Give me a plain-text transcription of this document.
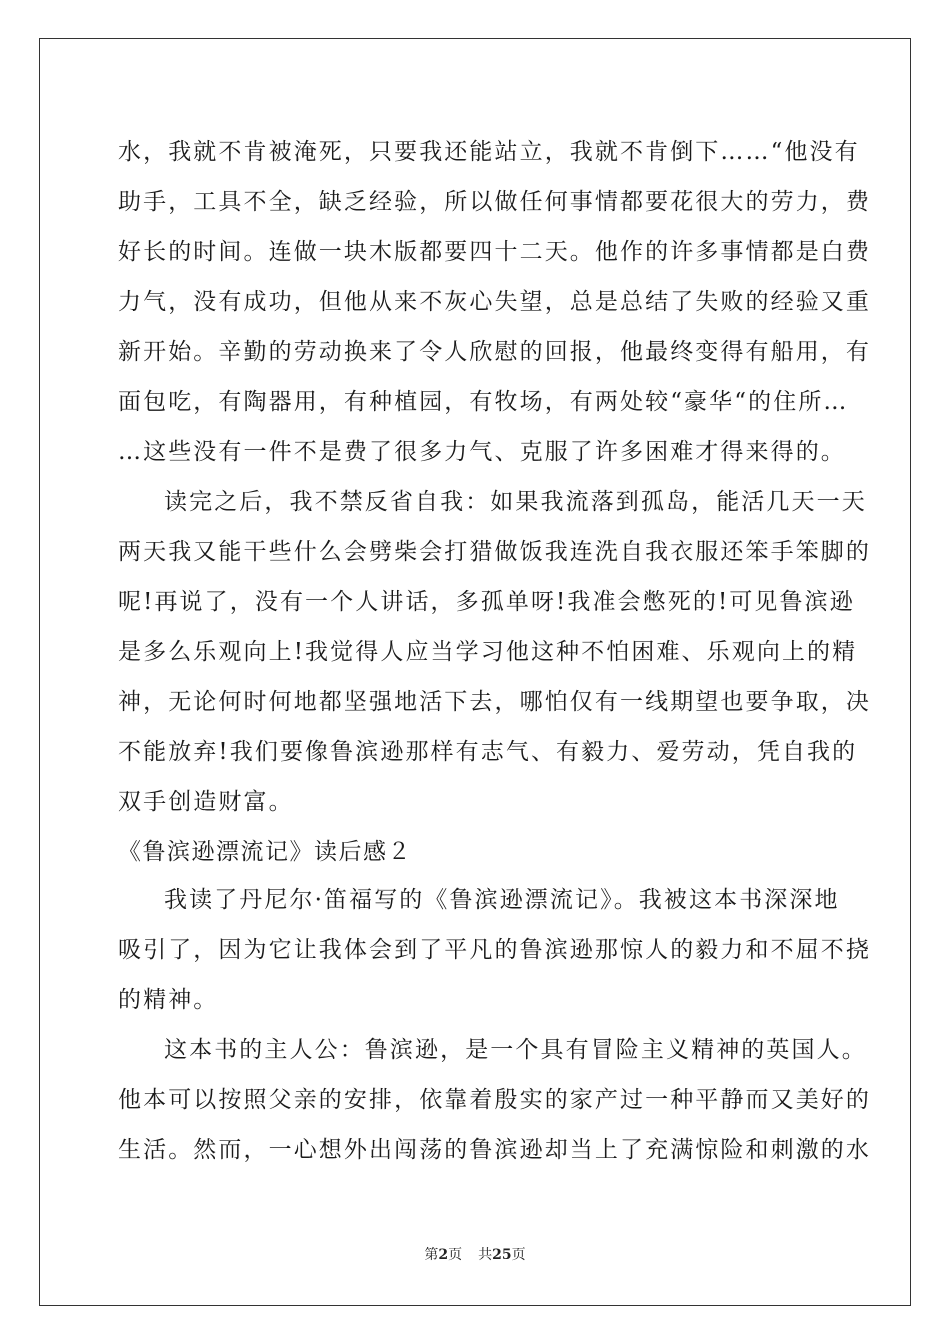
水，我就不肯被淹死，只要我还能站立，我就不肯倒下……“他没有
助手，工具不全，缺乏经验，所以做任何事情都要花很大的劳力，费
好长的时间。连做一块木版都要四十二天。他作的许多事情都是白费
力气，没有成功，但他从来不灰心失望，总是总结了失败的经验又重
新开始。辛勤的劳动换来了令人欣慰的回报，他最终变得有船用，有
面包吃，有陶器用，有种植园，有牧场，有两处较“豪华“的住所…
…这些没有一件不是费了很多力气、克服了许多困难才得来得的。
读完之后，我不禁反省自我：如果我流落到孤岛，能活几天一天
两天我又能干些什么会劈柴会打猎做饭我连洗自我衣服还笨手笨脚的
呢!再说了，没有一个人讲话，多孤单呀!我准会憋死的!可见鲁滨逊
是多么乐观向上!我觉得人应当学习他这种不怕困难、乐观向上的精
神，无论何时何地都坚强地活下去，哪怕仅有一线期望也要争取，决
不能放弃!我们要像鲁滨逊那样有志气、有毅力、爱劳动，凭自我的
双手创造财富。
《鲁滨逊漂流记》读后感２
我读了丹尼尔·笛福写的《鲁滨逊漂流记》。我被这本书深深地
吸引了，因为它让我体会到了平凡的鲁滨逊那惊人的毅力和不屈不挠
的精神。
这本书的主人公：鲁滨逊，是一个具有冒险主义精神的英国人。
他本可以按照父亲的安排，依靠着殷实的家产过一种平静而又美好的
生活。然而，一心想外出闯荡的鲁滨逊却当上了充满惊险和刺激的水
第2页 共25页
